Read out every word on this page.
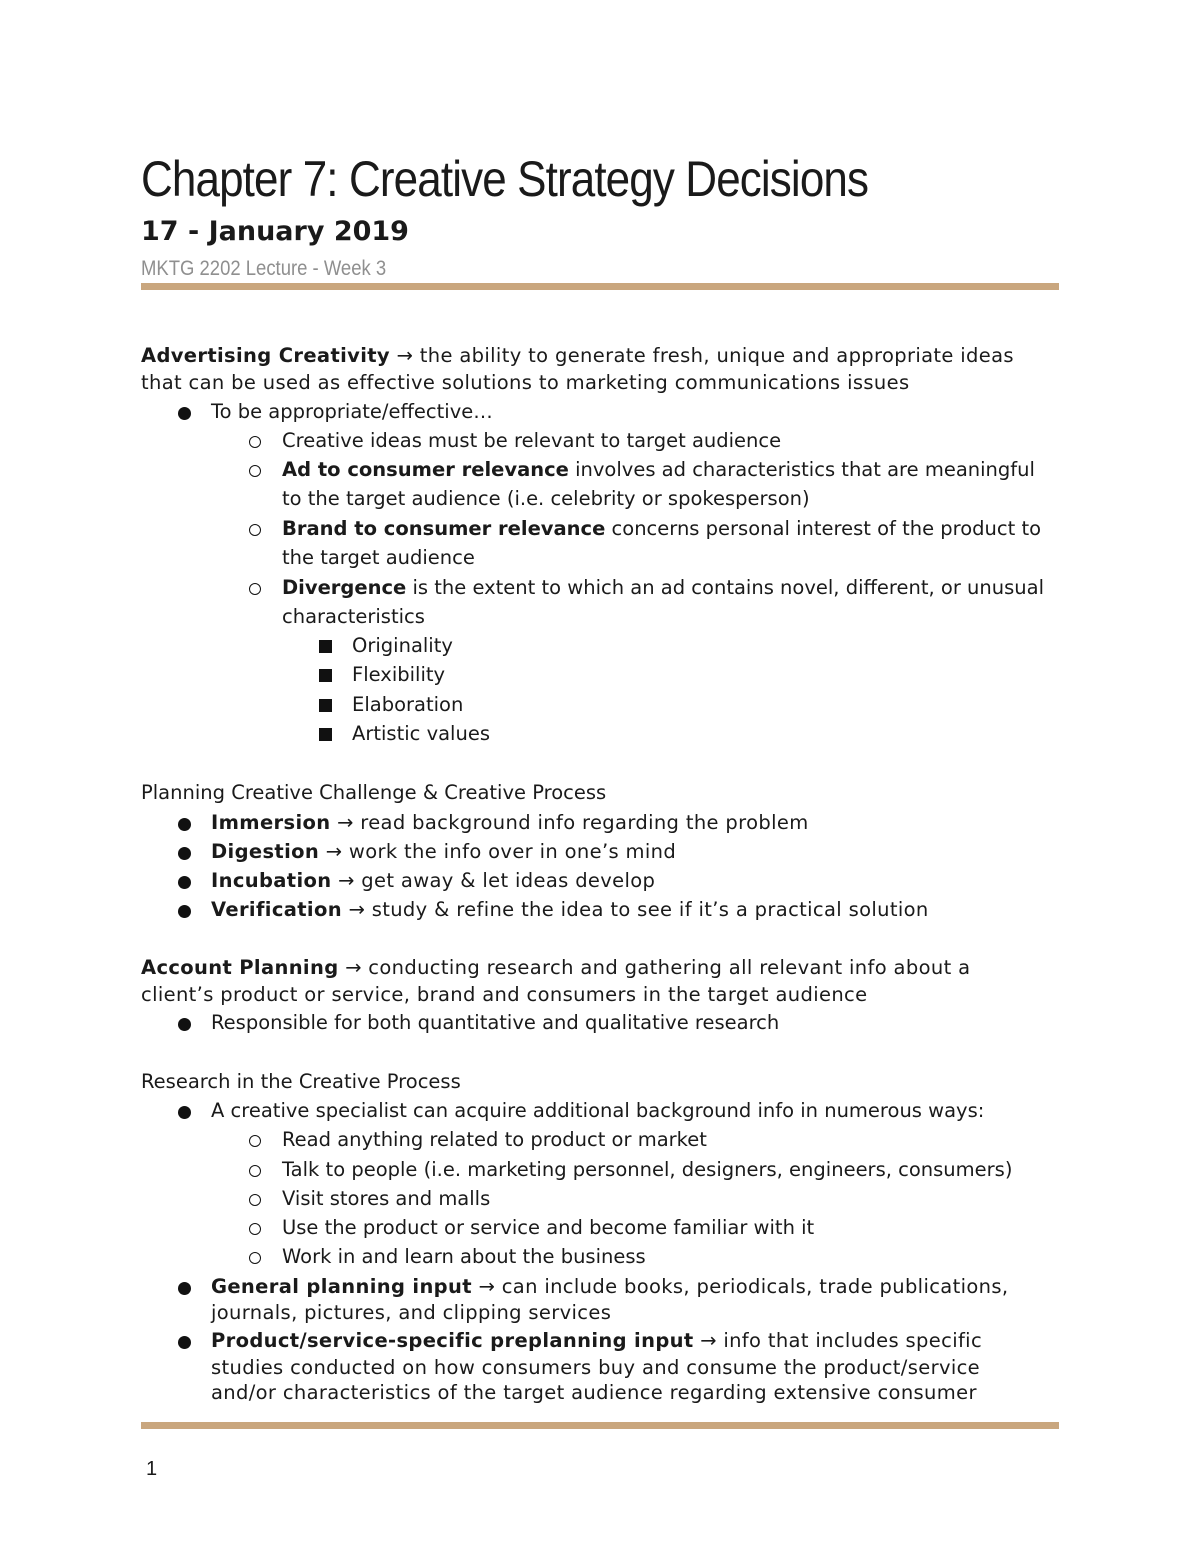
Chapter 7: Creative Strategy Decisions
17 - January 2019
MKTG 2202 Lecture - Week 3
Advertising Creativity → the ability to generate fresh, unique and appropriate ideas
that can be used as effective solutions to marketing communications issues
To be appropriate/effective…
Creative ideas must be relevant to target audience
Ad to consumer relevance involves ad characteristics that are meaningful
to the target audience (i.e. celebrity or spokesperson)
Brand to consumer relevance concerns personal interest of the product to
the target audience
Divergence is the extent to which an ad contains novel, different, or unusual
characteristics
Originality
Flexibility
Elaboration
Artistic values
Planning Creative Challenge & Creative Process
Immersion → read background info regarding the problem
Digestion → work the info over in one’s mind
Incubation → get away & let ideas develop
Verification → study & refine the idea to see if it’s a practical solution
Account Planning → conducting research and gathering all relevant info about a
client’s product or service, brand and consumers in the target audience
Responsible for both quantitative and qualitative research
Research in the Creative Process
A creative specialist can acquire additional background info in numerous ways:
Read anything related to product or market
Talk to people (i.e. marketing personnel, designers, engineers, consumers)
Visit stores and malls
Use the product or service and become familiar with it
Work in and learn about the business
General planning input → can include books, periodicals, trade publications,
journals, pictures, and clipping services
Product/service-specific preplanning input → info that includes specific
studies conducted on how consumers buy and consume the product/service
and/or characteristics of the target audience regarding extensive consumer
1
